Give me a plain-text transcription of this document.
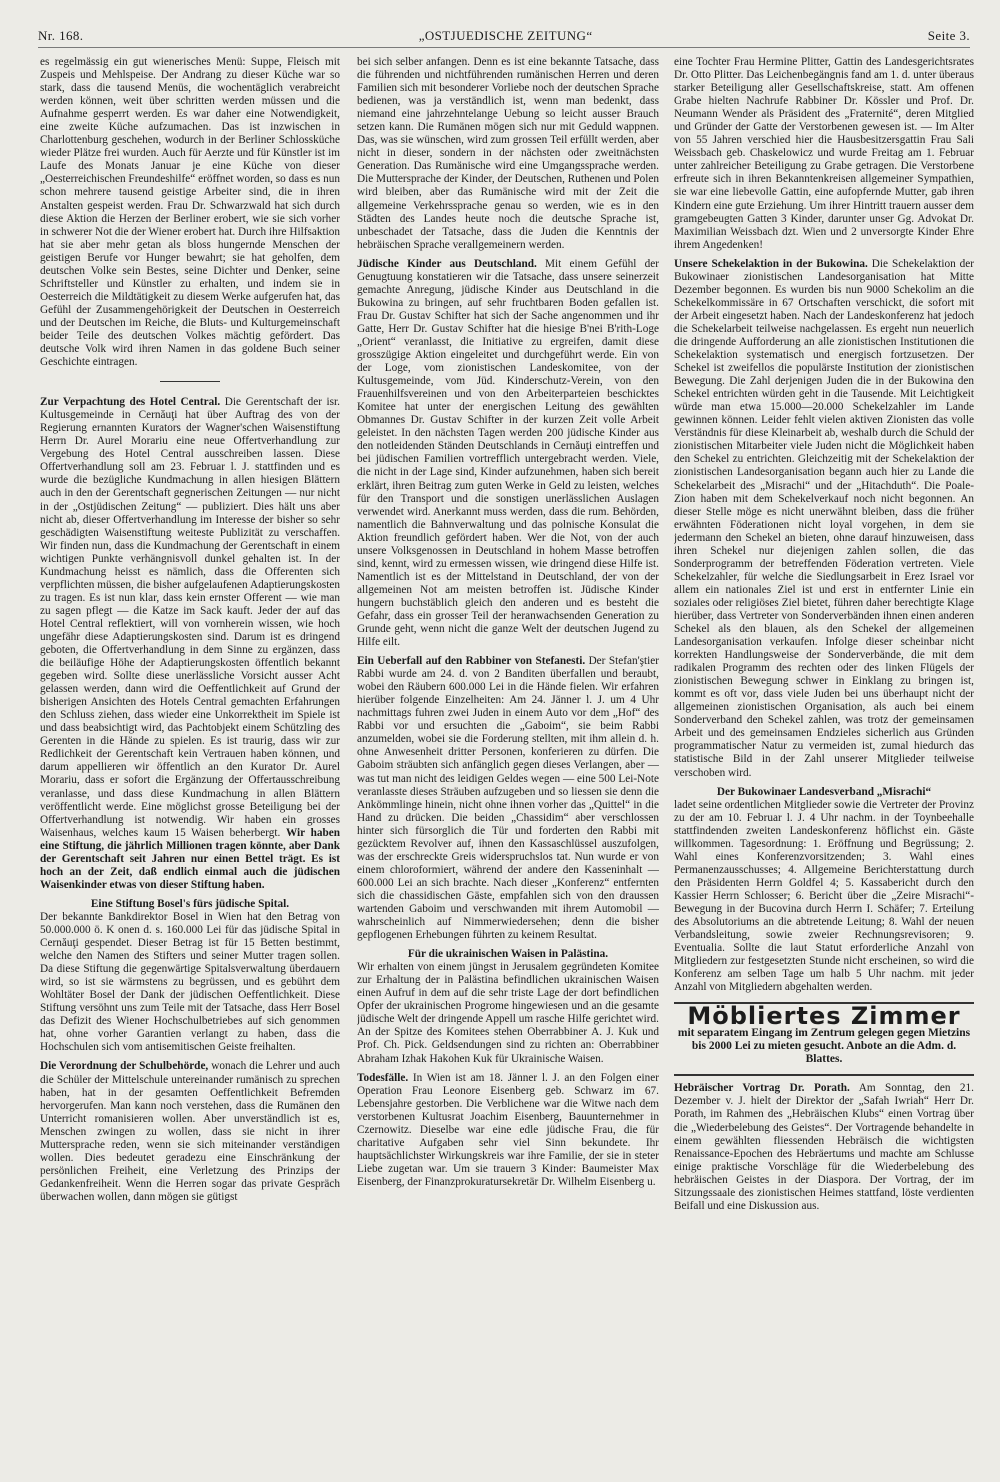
Nr. 168.	„OSTJUEDISCHE ZEITUNG“	Seite 3.

es regelmässig ein gut wienerisches Menü: Suppe, Fleisch mit Zuspeis und Mehlspeise. Der Andrang zu dieser Küche war so stark, dass die tausend Menüs, die wochentäglich verabreicht werden können, weit über schritten werden müssen und die Aufnahme gesperrt werden. Es war daher eine Notwendigkeit, eine zweite Küche aufzumachen. Das ist inzwischen in Charlottenburg geschehen, wodurch in der Berliner Schlossküche wieder Plätze frei wurden. Auch für Aerzte und für Künstler ist im Laufe des Monats Januar je eine Küche von dieser „Oesterreichischen Freundeshilfe“ eröffnet worden, so dass es nun schon mehrere tausend geistige Arbeiter sind, die in ihren Anstalten gespeist werden. Frau Dr. Schwarzwald hat sich durch diese Aktion die Herzen der Berliner erobert, wie sie sich vorher in schwerer Not die der Wiener erobert hat. Durch ihre Hilfsaktion hat sie aber mehr getan als bloss hungernde Menschen der geistigen Berufe vor Hunger bewahrt; sie hat geholfen, dem deutschen Volke sein Bestes, seine Dichter und Denker, seine Schriftsteller und Künstler zu erhalten, und indem sie in Oesterreich die Mildtätigkeit zu diesem Werke aufgerufen hat, das Gefühl der Zusammengehörigkeit der Deutschen in Oesterreich und der Deutschen im Reiche, die Bluts- und Kulturgemeinschaft beider Teile des deutschen Volkes mächtig gefördert. Das deutsche Volk wird ihren Namen in das goldene Buch seiner Geschichte eintragen.

Zur Verpachtung des Hotel Central. Die Gerentschaft der isr. Kultusgemeinde in Cernăuţi hat über Auftrag des von der Regierung ernannten Kurators der Wagner'schen Waisenstiftung Herrn Dr. Aurel Morariu eine neue Offertverhandlung zur Vergebung des Hotel Central ausschreiben lassen. Diese Offertverhandlung soll am 23. Februar l. J. stattfinden und es wurde die bezügliche Kundmachung in allen hiesigen Blättern auch in den der Gerentschaft gegnerischen Zeitungen — nur nicht in der „Ostjüdischen Zeitung“ — publiziert. Dies hält uns aber nicht ab, dieser Offertverhandlung im Interesse der bisher so sehr geschädigten Waisenstiftung weiteste Publizität zu verschaffen. Wir finden nun, dass die Kundmachung der Gerentschaft in einem wichtigen Punkte verhängnisvoll dunkel gehalten ist. In der Kundmachung heisst es nämlich, dass die Offerenten sich verpflichten müssen, die bisher aufgelaufenen Adaptierungskosten zu tragen. Es ist nun klar, dass kein ernster Offerent — wie man zu sagen pflegt — die Katze im Sack kauft. Jeder der auf das Hotel Central reflektiert, will von vornherein wissen, wie hoch ungefähr diese Adaptierungskosten sind. Darum ist es dringend geboten, die Offertverhandlung in dem Sinne zu ergänzen, dass die beiläufige Höhe der Adaptierungskosten öffentlich bekannt gegeben wird. Sollte diese unerlässliche Vorsicht ausser Acht gelassen werden, dann wird die Oeffentlichkeit auf Grund der bisherigen Ansichten des Hotels Central gemachten Erfahrungen den Schluss ziehen, dass wieder eine Unkorrektheit im Spiele ist und dass beabsichtigt wird, das Pachtobjekt einem Schützling des Gerenten in die Hände zu spielen. Es ist traurig, dass wir zur Redlichkeit der Gerentschaft kein Vertrauen haben können, und darum appellieren wir öffentlich an den Kurator Dr. Aurel Morariu, dass er sofort die Ergänzung der Offertausschreibung veranlasse, und dass diese Kundmachung in allen Blättern veröffentlicht werde. Eine möglichst grosse Beteiligung bei der Offertverhandlung ist notwendig. Wir haben ein grosses Waisenhaus, welches kaum 15 Waisen beherbergt. Wir haben eine Stiftung, die jährlich Millionen tragen könnte, aber Dank der Gerentschaft seit Jahren nur einen Bettel trägt. Es ist hoch an der Zeit, daß endlich einmal auch die jüdischen Waisenkinder etwas von dieser Stiftung haben.

Eine Stiftung Bosel's fürs jüdische Spital.

Der bekannte Bankdirektor Bosel in Wien hat den Betrag von 50.000.000 ö. K onen d. s. 160.000 Lei für das jüdische Spital in Cernăuţi gespendet. Dieser Betrag ist für 15 Betten bestimmt, welche den Namen des Stifters und seiner Mutter tragen sollen. Da diese Stiftung die gegenwärtige Spitalsverwaltung überdauern wird, so ist sie wärmstens zu begrüssen, und es gebührt dem Wohltäter Bosel der Dank der jüdischen Oeffentlichkeit. Diese Stiftung versöhnt uns zum Teile mit der Tatsache, dass Herr Bosel das Defizit des Wiener Hochschulbetriebes auf sich genommen hat, ohne vorher Garantien verlangt zu haben, dass die Hochschulen sich vom antisemitischen Geiste freihalten.

Die Verordnung der Schulbehörde, wonach die Lehrer und auch die Schüler der Mittelschule untereinander rumänisch zu sprechen haben, hat in der gesamten Oeffentlichkeit Befremden hervorgerufen. Man kann noch verstehen, dass die Rumänen den Unterricht romanisieren wollen. Aber unverständlich ist es, Menschen zwingen zu wollen, dass sie nicht in ihrer Muttersprache reden, wenn sie sich miteinander verständigen wollen. Dies bedeutet geradezu eine Einschränkung der persönlichen Freiheit, eine Verletzung des Prinzips der Gedankenfreiheit. Wenn die Herren sogar das private Gespräch überwachen wollen, dann mögen sie gütigst

bei sich selber anfangen. Denn es ist eine bekannte Tatsache, dass die führenden und nichtführenden rumänischen Herren und deren Familien sich mit besonderer Vorliebe noch der deutschen Sprache bedienen, was ja verständlich ist, wenn man bedenkt, dass niemand eine jahrzehntelange Uebung so leicht ausser Brauch setzen kann. Die Rumänen mögen sich nur mit Geduld wappnen. Das, was sie wünschen, wird zum grossen Teil erfüllt werden, aber nicht in dieser, sondern in der nächsten oder zweitnächsten Generation. Das Rumänische wird eine Umgangssprache werden. Die Muttersprache der Kinder, der Deutschen, Ruthenen und Polen wird bleiben, aber das Rumänische wird mit der Zeit die allgemeine Verkehrssprache genau so werden, wie es in den Städten des Landes heute noch die deutsche Sprache ist, unbeschadet der Tatsache, dass die Juden die Kenntnis der hebräischen Sprache verallgemeinern werden.

Jüdische Kinder aus Deutschland. Mit einem Gefühl der Genugtuung konstatieren wir die Tatsache, dass unsere seinerzeit gemachte Anregung, jüdische Kinder aus Deutschland in die Bukowina zu bringen, auf sehr fruchtbaren Boden gefallen ist. Frau Dr. Gustav Schifter hat sich der Sache angenommen und ihr Gatte, Herr Dr. Gustav Schifter hat die hiesige B'nei B'rith-Loge „Orient“ veranlasst, die Initiative zu ergreifen, damit diese grosszügige Aktion eingeleitet und durchgeführt werde. Ein von der Loge, vom zionistischen Landeskomitee, von der Kultusgemeinde, vom Jüd. Kinderschutz-Verein, von den Frauenhilfsvereinen und von den Arbeiterparteien beschicktes Komitee hat unter der energischen Leitung des gewählten Obmannes Dr. Gustav Schifter in der kurzen Zeit volle Arbeit geleistet. In den nächsten Tagen werden 200 jüdische Kinder aus den notleidenden Ständen Deutschlands in Cernăuţi eintreffen und bei jüdischen Familien vortrefflich untergebracht werden. Viele, die nicht in der Lage sind, Kinder aufzunehmen, haben sich bereit erklärt, ihren Beitrag zum guten Werke in Geld zu leisten, welches für den Transport und die sonstigen unerlässlichen Auslagen verwendet wird. Anerkannt muss werden, dass die rum. Behörden, namentlich die Bahnverwaltung und das polnische Konsulat die Aktion freundlich gefördert haben. Wer die Not, von der auch unsere Volksgenossen in Deutschland in hohem Masse betroffen sind, kennt, wird zu ermessen wissen, wie dringend diese Hilfe ist. Namentlich ist es der Mittelstand in Deutschland, der von der allgemeinen Not am meisten betroffen ist. Jüdische Kinder hungern buchstäblich gleich den anderen und es besteht die Gefahr, dass ein grosser Teil der heranwachsenden Generation zu Grunde geht, wenn nicht die ganze Welt der deutschen Jugend zu Hilfe eilt.

Ein Ueberfall auf den Rabbiner von Stefanesti. Der Stefan'ştier Rabbi wurde am 24. d. von 2 Banditen überfallen und beraubt, wobei den Räubern 600.000 Lei in die Hände fielen. Wir erfahren hierüber folgende Einzelheiten: Am 24. Jänner l. J. um 4 Uhr nachmittags fuhren zwei Juden in einem Auto vor dem „Hof“ des Rabbi vor und ersuchten die „Gaboim“, sie beim Rabbi anzumelden, wobei sie die Forderung stellten, mit ihm allein d. h. ohne Anwesenheit dritter Personen, konferieren zu dürfen. Die Gaboim sträubten sich anfänglich gegen dieses Verlangen, aber — was tut man nicht des leidigen Geldes wegen — eine 500 Lei-Note veranlasste dieses Sträuben aufzugeben und so liessen sie denn die Ankömmlinge hinein, nicht ohne ihnen vorher das „Quittel“ in die Hand zu drücken. Die beiden „Chassidim“ aber verschlossen hinter sich fürsorglich die Tür und forderten den Rabbi mit gezücktem Revolver auf, ihnen den Kassaschlüssel auszufolgen, was der erschreckte Greis widerspruchslos tat. Nun wurde er von einem chloroformiert, während der andere den Kasseninhalt — 600.000 Lei an sich brachte. Nach dieser „Konferenz“ entfernten sich die chassidischen Gäste, empfahlen sich von den draussen wartenden Gaboim und verschwanden mit ihrem Automobil — wahrscheinlich auf Nimmerwiedersehen; denn die bisher gepflogenen Erhebungen führten zu keinem Resultat.

Für die ukrainischen Waisen in Palästina.

Wir erhalten von einem jüngst in Jerusalem gegründeten Komitee zur Erhaltung der in Palästina befindlichen ukrainischen Waisen einen Aufruf in dem auf die sehr triste Lage der dort befindlichen Opfer der ukrainischen Progrome hingewiesen und an die gesamte jüdische Welt der dringende Appell um rasche Hilfe gerichtet wird. An der Spitze des Komitees stehen Oberrabbiner A. J. Kuk und Prof. Ch. Pick. Geldsendungen sind zu richten an: Oberrabbiner Abraham Izhak Hakohen Kuk für Ukrainische Waisen.

Todesfälle. In Wien ist am 18. Jänner l. J. an den Folgen einer Operation Frau Leonore Eisenberg geb. Schwarz im 67. Lebensjahre gestorben. Die Verblichene war die Witwe nach dem verstorbenen Kultusrat Joachim Eisenberg, Bauunternehmer in Czernowitz. Dieselbe war eine edle jüdische Frau, die für charitative Aufgaben sehr viel Sinn bekundete. Ihr hauptsächlichster Wirkungskreis war ihre Familie, der sie in steter Liebe zugetan war. Um sie trauern 3 Kinder: Baumeister Max Eisenberg, der Finanzprokuratursekretär Dr. Wilhelm Eisenberg u.

eine Tochter Frau Hermine Plitter, Gattin des Landesgerichtsrates Dr. Otto Plitter. Das Leichenbegängnis fand am 1. d. unter überaus starker Beteiligung aller Gesellschaftskreise, statt. Am offenen Grabe hielten Nachrufe Rabbiner Dr. Kössler und Prof. Dr. Neumann Wender als Präsident des „Fraternité“, deren Mitglied und Gründer der Gatte der Verstorbenen gewesen ist. — Im Alter von 55 Jahren verschied hier die Hausbesitzersgattin Frau Sali Weissbach geb. Chaskelowicz und wurde Freitag am 1. Februar unter zahlreicher Beteiligung zu Grabe getragen. Die Verstorbene erfreute sich in ihren Bekanntenkreisen allgemeiner Sympathien, sie war eine liebevolle Gattin, eine aufopfernde Mutter, gab ihren Kindern eine gute Erziehung. Um ihrer Hintritt trauern ausser dem gramgebeugten Gatten 3 Kinder, darunter unser Gg. Advokat Dr. Maximilian Weissbach dzt. Wien und 2 unversorgte Kinder Ehre ihrem Angedenken!

Unsere Schekelaktion in der Bukowina. Die Schekelaktion der Bukowinaer zionistischen Landesorganisation hat Mitte Dezember begonnen. Es wurden bis nun 9000 Schekolim an die Schekelkommissäre in 67 Ortschaften verschickt, die sofort mit der Arbeit eingesetzt haben. Nach der Landeskonferenz hat jedoch die Schekelarbeit teilweise nachgelassen. Es ergeht nun neuerlich die dringende Aufforderung an alle zionistischen Institutionen die Schekelaktion systematisch und energisch fortzusetzen. Der Schekel ist zweifellos die populärste Institution der zionistischen Bewegung. Die Zahl derjenigen Juden die in der Bukowina den Schekel entrichten würden geht in die Tausende. Mit Leichtigkeit würde man etwa 15.000—20.000 Schekelzahler im Lande gewinnen können. Leider fehlt vielen aktiven Zionisten das volle Verständnis für diese Kleinarbeit ab, weshalb durch die Schuld der zionistischen Mitarbeiter viele Juden nicht die Möglichkeit haben den Schekel zu entrichten. Gleichzeitig mit der Schekelaktion der zionistischen Landesorganisation begann auch hier zu Lande die Schekelarbeit des „Misrachi“ und der „Hitachduth“. Die Poale-Zion haben mit dem Schekelverkauf noch nicht begonnen. An dieser Stelle möge es nicht unerwähnt bleiben, dass die früher erwähnten Föderationen nicht loyal vorgehen, in dem sie jedermann den Schekel an bieten, ohne darauf hinzuweisen, dass ihren Schekel nur diejenigen zahlen sollen, die das Sonderprogramm der betreffenden Föderation vertreten. Viele Schekelzahler, für welche die Siedlungsarbeit in Erez Israel vor allem ein nationales Ziel ist und erst in entfernter Linie ein soziales oder religiöses Ziel bietet, führen daher berechtigte Klage hierüber, dass Vertreter von Sonderverbänden ihnen einen anderen Schekel als den blauen, als den Schekel der allgemeinen Landesorganisation verkaufen. Infolge dieser scheinbar nicht korrekten Handlungsweise der Sonderverbände, die mit dem radikalen Programm des rechten oder des linken Flügels der zionistischen Bewegung schwer in Einklang zu bringen ist, kommt es oft vor, dass viele Juden bei uns überhaupt nicht der allgemeinen zionistischen Organisation, als auch bei einem Sonderverband den Schekel zahlen, was trotz der gemeinsamen Arbeit und des gemeinsamen Endzieles sicherlich aus Gründen programmatischer Natur zu vermeiden ist, zumal hiedurch das statistische Bild in der Zahl unserer Mitglieder teilweise verschoben wird.

Der Bukowinaer Landesverband „Misrachi“

ladet seine ordentlichen Mitglieder sowie die Vertreter der Provinz zu der am 10. Februar l. J. 4 Uhr nachm. in der Toynbeehalle stattfindenden zweiten Landeskonferenz höflichst ein. Gäste willkommen. Tagesordnung: 1. Eröffnung und Begrüssung; 2. Wahl eines Konferenzvorsitzenden; 3. Wahl eines Permanenzausschusses; 4. Allgemeine Berichterstattung durch den Präsidenten Herrn Goldfel 4; 5. Kassabericht durch den Kassier Herrn Schlosser; 6. Bericht über die „Zeire Misrachi“-Bewegung in der Bucovina durch Herrn I. Schäfer; 7. Erteilung des Absolutoriums an die abtretende Leitung; 8. Wahl der neuen Verbandsleitung, sowie zweier Rechnungsrevisoren; 9. Eventualia. Sollte die laut Statut erforderliche Anzahl von Mitgliedern zur festgesetzten Stunde nicht erscheinen, so wird die Konferenz am selben Tage um halb 5 Uhr nachm. mit jeder Anzahl von Mitgliedern abgehalten werden.

Möbliertes Zimmer
mit separatem Eingang im Zentrum gelegen gegen Mietzins bis 2000 Lei zu mieten gesucht. Anbote an die Adm. d. Blattes.

Hebräischer Vortrag Dr. Porath. Am Sonntag, den 21. Dezember v. J. hielt der Direktor der „Safah Iwriah“ Herr Dr. Porath, im Rahmen des „Hebräischen Klubs“ einen Vortrag über die „Wiederbelebung des Geistes“. Der Vortragende behandelte in einem gewählten fliessenden Hebräisch die wichtigsten Renaissance-Epochen des Hebräertums und machte am Schlusse einige praktische Vorschläge für die Wiederbelebung des hebräischen Geistes in der Diaspora. Der Vortrag, der im Sitzungssaale des zionistischen Heimes stattfand, löste verdienten Beifall und eine Diskussion aus.
